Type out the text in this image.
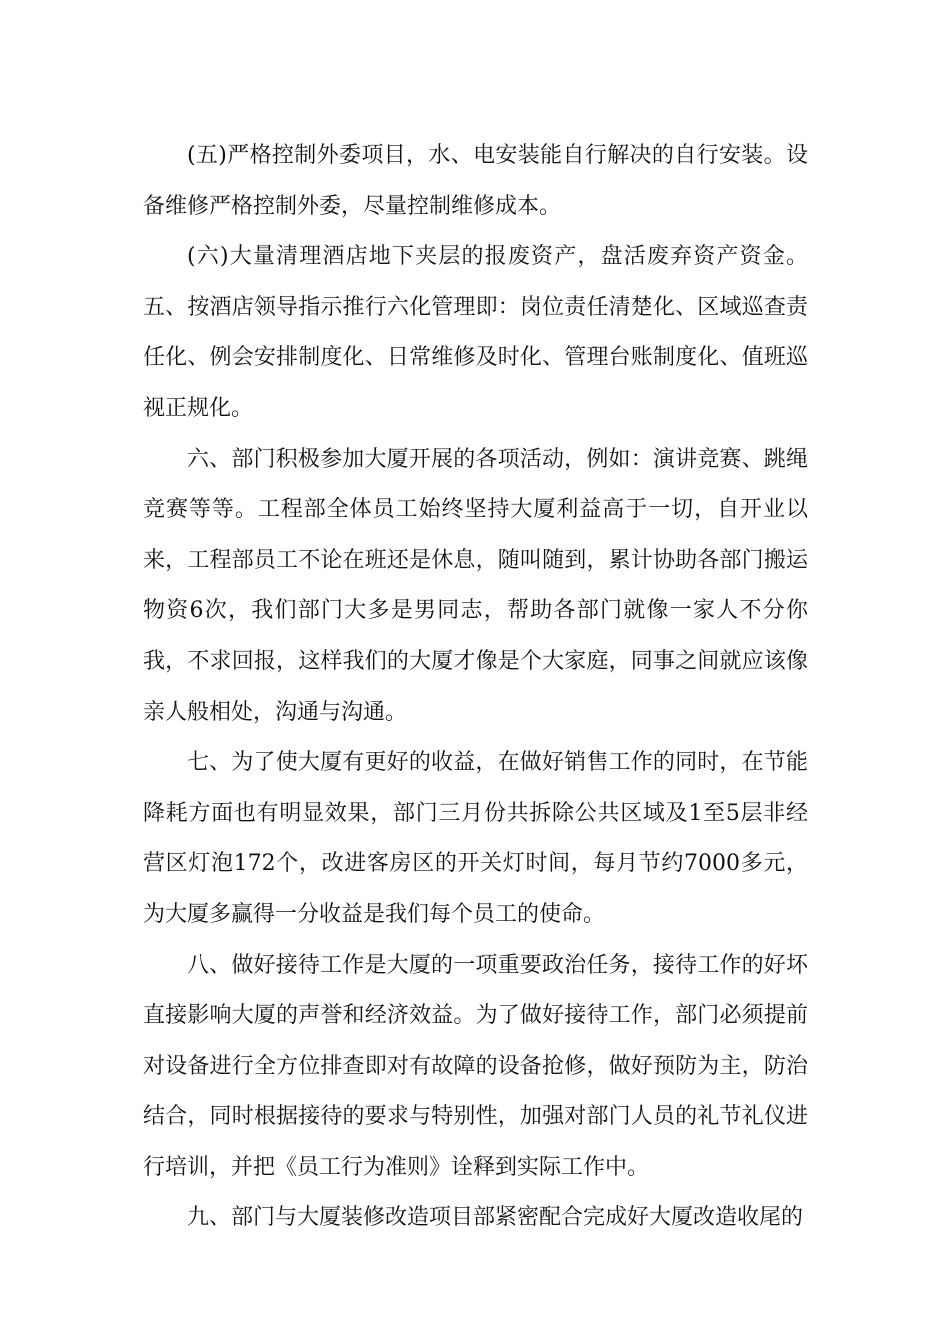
(五)严格控制外委项目，水、电安装能自行解决的自行安装。设备维修严格控制外委，尽量控制维修成本。

(六)大量清理酒店地下夹层的报废资产，盘活废弃资产资金。五、按酒店领导指示推行六化管理即：岗位责任清楚化、区域巡查责任化、例会安排制度化、日常维修及时化、管理台账制度化、值班巡视正规化。

六、部门积极参加大厦开展的各项活动，例如：演讲竞赛、跳绳竞赛等等。工程部全体员工始终坚持大厦利益高于一切，自开业以来，工程部员工不论在班还是休息，随叫随到，累计协助各部门搬运物资6次，我们部门大多是男同志，帮助各部门就像一家人不分你我，不求回报，这样我们的大厦才像是个大家庭，同事之间就应该像亲人般相处，沟通与沟通。

七、为了使大厦有更好的收益，在做好销售工作的同时，在节能降耗方面也有明显效果，部门三月份共拆除公共区域及1至5层非经营区灯泡172个，改进客房区的开关灯时间，每月节约7000多元，为大厦多赢得一分收益是我们每个员工的使命。

八、做好接待工作是大厦的一项重要政治任务，接待工作的好坏直接影响大厦的声誉和经济效益。为了做好接待工作，部门必须提前对设备进行全方位排查即对有故障的设备抢修，做好预防为主，防治结合，同时根据接待的要求与特别性，加强对部门人员的礼节礼仪进行培训，并把《员工行为准则》诠释到实际工作中。

九、部门与大厦装修改造项目部紧密配合完成好大厦改造收尾的
